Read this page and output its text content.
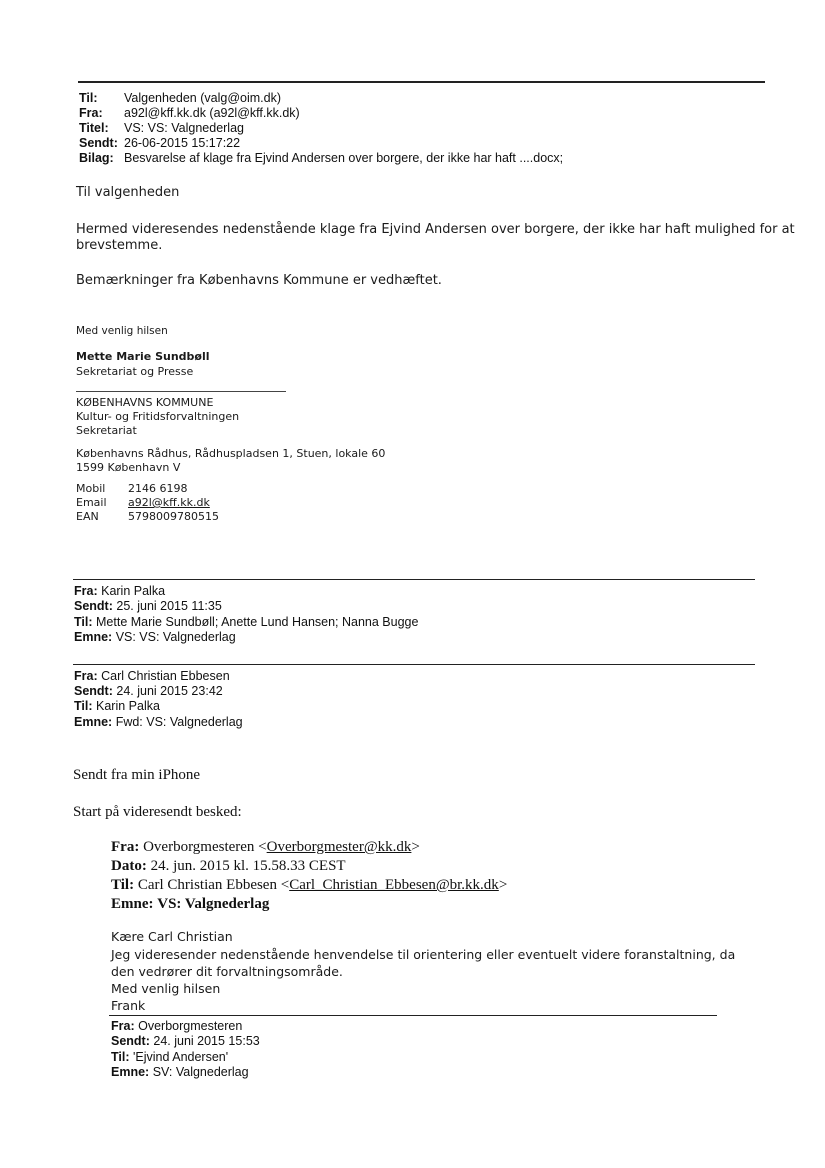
Til: Valgenheden (valg@oim.dk)
Fra: a92l@kff.kk.dk (a92l@kff.kk.dk)
Titel: VS: VS: Valgnederlag
Sendt: 26-06-2015 15:17:22
Bilag: Besvarelse af klage fra Ejvind Andersen over borgere, der ikke har haft ....docx;
Til valgenheden
Hermed videresendes nedenstående klage fra Ejvind Andersen over borgere, der ikke har haft mulighed for at
brevstemme.
Bemærkninger fra Københavns Kommune er vedhæftet.
Med venlig hilsen
Mette Marie Sundbøll
Sekretariat og Presse
KØBENHAVNS KOMMUNE
Kultur- og Fritidsforvaltningen
Sekretariat
Københavns Rådhus, Rådhuspladsen 1, Stuen, lokale 60
1599 København V
Mobil 2146 6198
Email a92l@kff.kk.dk
EAN	5798009780515
Fra: Karin Palka
Sendt: 25. juni 2015 11:35
Til: Mette Marie Sundbøll; Anette Lund Hansen; Nanna Bugge
Emne: VS: VS: Valgnederlag
Fra: Carl Christian Ebbesen
Sendt: 24. juni 2015 23:42
Til: Karin Palka
Emne: Fwd: VS: Valgnederlag
Sendt fra min iPhone
Start på videresendt besked:
Fra: Overborgmesteren <Overborgmester@kk.dk>
Dato: 24. jun. 2015 kl. 15.58.33 CEST
Til: Carl Christian Ebbesen <Carl_Christian_Ebbesen@br.kk.dk>
Emne: VS: Valgnederlag
Kære Carl Christian
Jeg videresender nedenstående henvendelse til orientering eller eventuelt videre foranstaltning, da
den vedrører dit forvaltningsområde.
Med venlig hilsen
Frank
Fra: Overborgmesteren
Sendt: 24. juni 2015 15:53
Til: 'Ejvind Andersen'
Emne: SV: Valgnederlag
